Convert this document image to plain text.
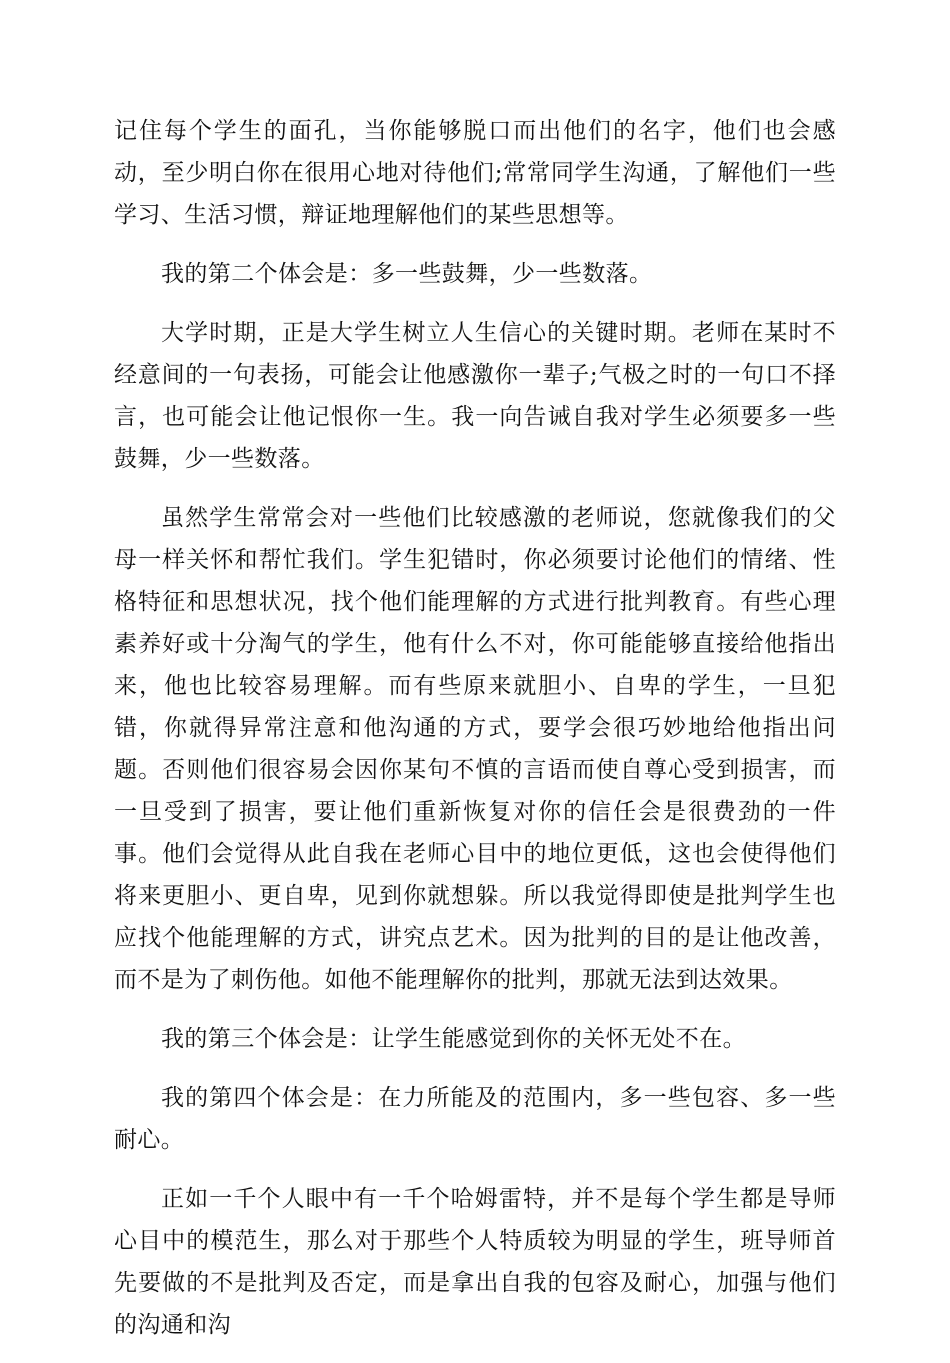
记住每个学生的面孔，当你能够脱口而出他们的名字，他们也会感动，至少明白你在很用心地对待他们;常常同学生沟通，了解他们一些学习、生活习惯，辩证地理解他们的某些思想等。

我的第二个体会是：多一些鼓舞，少一些数落。

大学时期，正是大学生树立人生信心的关键时期。老师在某时不经意间的一句表扬，可能会让他感激你一辈子;气极之时的一句口不择言，也可能会让他记恨你一生。我一向告诫自我对学生必须要多一些鼓舞，少一些数落。

虽然学生常常会对一些他们比较感激的老师说，您就像我们的父母一样关怀和帮忙我们。学生犯错时，你必须要讨论他们的情绪、性格特征和思想状况，找个他们能理解的方式进行批判教育。有些心理素养好或十分淘气的学生，他有什么不对，你可能能够直接给他指出来，他也比较容易理解。而有些原来就胆小、自卑的学生，一旦犯错，你就得异常注意和他沟通的方式，要学会很巧妙地给他指出问题。否则他们很容易会因你某句不慎的言语而使自尊心受到损害，而一旦受到了损害，要让他们重新恢复对你的信任会是很费劲的一件事。他们会觉得从此自我在老师心目中的地位更低，这也会使得他们将来更胆小、更自卑，见到你就想躲。所以我觉得即使是批判学生也应找个他能理解的方式，讲究点艺术。因为批判的目的是让他改善，而不是为了刺伤他。如他不能理解你的批判，那就无法到达效果。

我的第三个体会是：让学生能感觉到你的关怀无处不在。

我的第四个体会是：在力所能及的范围内，多一些包容、多一些耐心。

正如一千个人眼中有一千个哈姆雷特，并不是每个学生都是导师心目中的模范生，那么对于那些个人特质较为明显的学生，班导师首先要做的不是批判及否定，而是拿出自我的包容及耐心，加强与他们的沟通和沟
